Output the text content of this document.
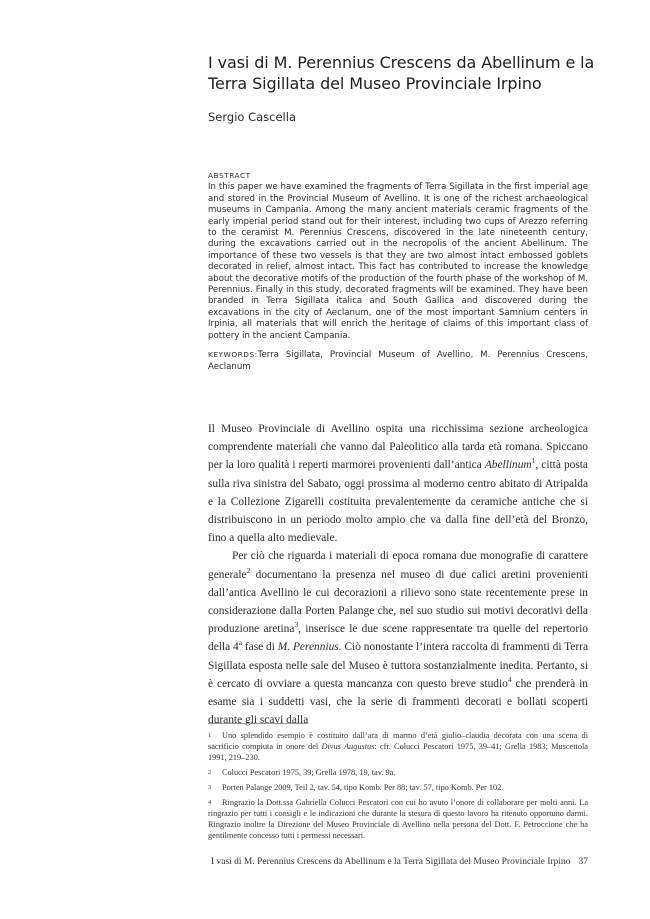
I vasi di M. Perennius Crescens da Abellinum e la Terra Sigillata del Museo Provinciale Irpino
Sergio Cascella
ABSTRACT
In this paper we have examined the fragments of Terra Sigillata in the first imperial age and stored in the Provincial Museum of Avellino. It is one of the richest archaeological museums in Campania. Among the many ancient materials ceramic fragments of the early imperial period stand out for their interest, including two cups of Arezzo referring to the ceramist M. Perennius Crescens, discovered in the late nineteenth century, during the excavations carried out in the necropolis of the ancient Abellinum. The importance of these two vessels is that they are two almost intact embossed goblets decorated in relief, almost intact. This fact has contributed to increase the knowledge about the decorative motifs of the production of the fourth phase of the workshop of M. Perennius. Finally in this study, decorated fragments will be examined. They have been branded in Terra Sigillata italica and South Gallica and discovered during the excavations in the city of Aeclanum, one of the most important Samnium centers in Irpinia, all materials that will enrich the heritage of claims of this important class of pottery in the ancient Campania.
KEYWORDS:Terra Sigillata, Provincial Museum of Avellino, M. Perennius Crescens, Aeclanum

Il Museo Provinciale di Avellino ospita una ricchissima sezione archeologica comprendente materiali che vanno dal Paleolitico alla tarda età romana. Spiccano per la loro qualità i reperti marmorei provenienti dall’antica Abellinum$^1$, città posta sulla riva sinistra del Sabato, oggi prossima al moderno centro abitato di Atripalda e la Collezione Zigarelli costituita prevalentemente da ceramiche antiche che si distribuiscono in un periodo molto ampio che va dalla fine dell’età del Bronzo, fino a quella alto medievale.

Per ciò che riguarda i materiali di epoca romana due monografie di carattere generale$^2$ documentano la presenza nel museo di due calici aretini provenienti dall’antica Avellino le cui decorazioni a rilievo sono state recentemente prese in considerazione dalla Porten Palange che, nel suo studio sui motivi decorativi della produzione aretina$^3$, inserisce le due scene rappresentate tra quelle del repertorio della 4$^a$ fase di M. Perennius. Ciò nonostante l’intera raccolta di frammenti di Terra Sigillata esposta nelle sale del Museo è tuttora sostanzialmente inedita. Pertanto, si è cercato di ovviare a questa mancanza con questo breve studio$^4$ che prenderà in esame sia i suddetti vasi, che la serie di frammenti decorati e bollati scoperti durante gli scavi dalla

1 Uno splendido esempio è costituito dall’ara di marmo d’età giulio–claudia decorata con una scena di sacrificio compiuta in onore del Divus Augustus: cfr. Colucci Pescatori 1975, 39–41; Grella 1983; Muscettola 1991, 219–230.

2 Colucci Pescatori 1975, 39; Grella 1978, 19, tav. 9a.

3 Porten Palange 2009, Teil 2, tav. 54, tipo Komb. Per 88; tav. 57, tipo Komb. Per 102.

4 Ringrazio la Dott.ssa Gabriella Colucci Pescatori con cui ho avuto l’onore di collaborare per molti anni. La ringrazio per tutti i consigli e le indicazioni che durante la stesura di questo lavoro ha ritenuto opportuno darmi. Ringrazio inoltre la Direzione del Museo Provinciale di Avellino nella persona del Dott. F. Petroccione che ha gentilmente concesso tutti i permessi necessari.

I vasi di M. Perennius Crescens da Abellinum e la Terra Sigillata del Museo Provinciale Irpino 37
